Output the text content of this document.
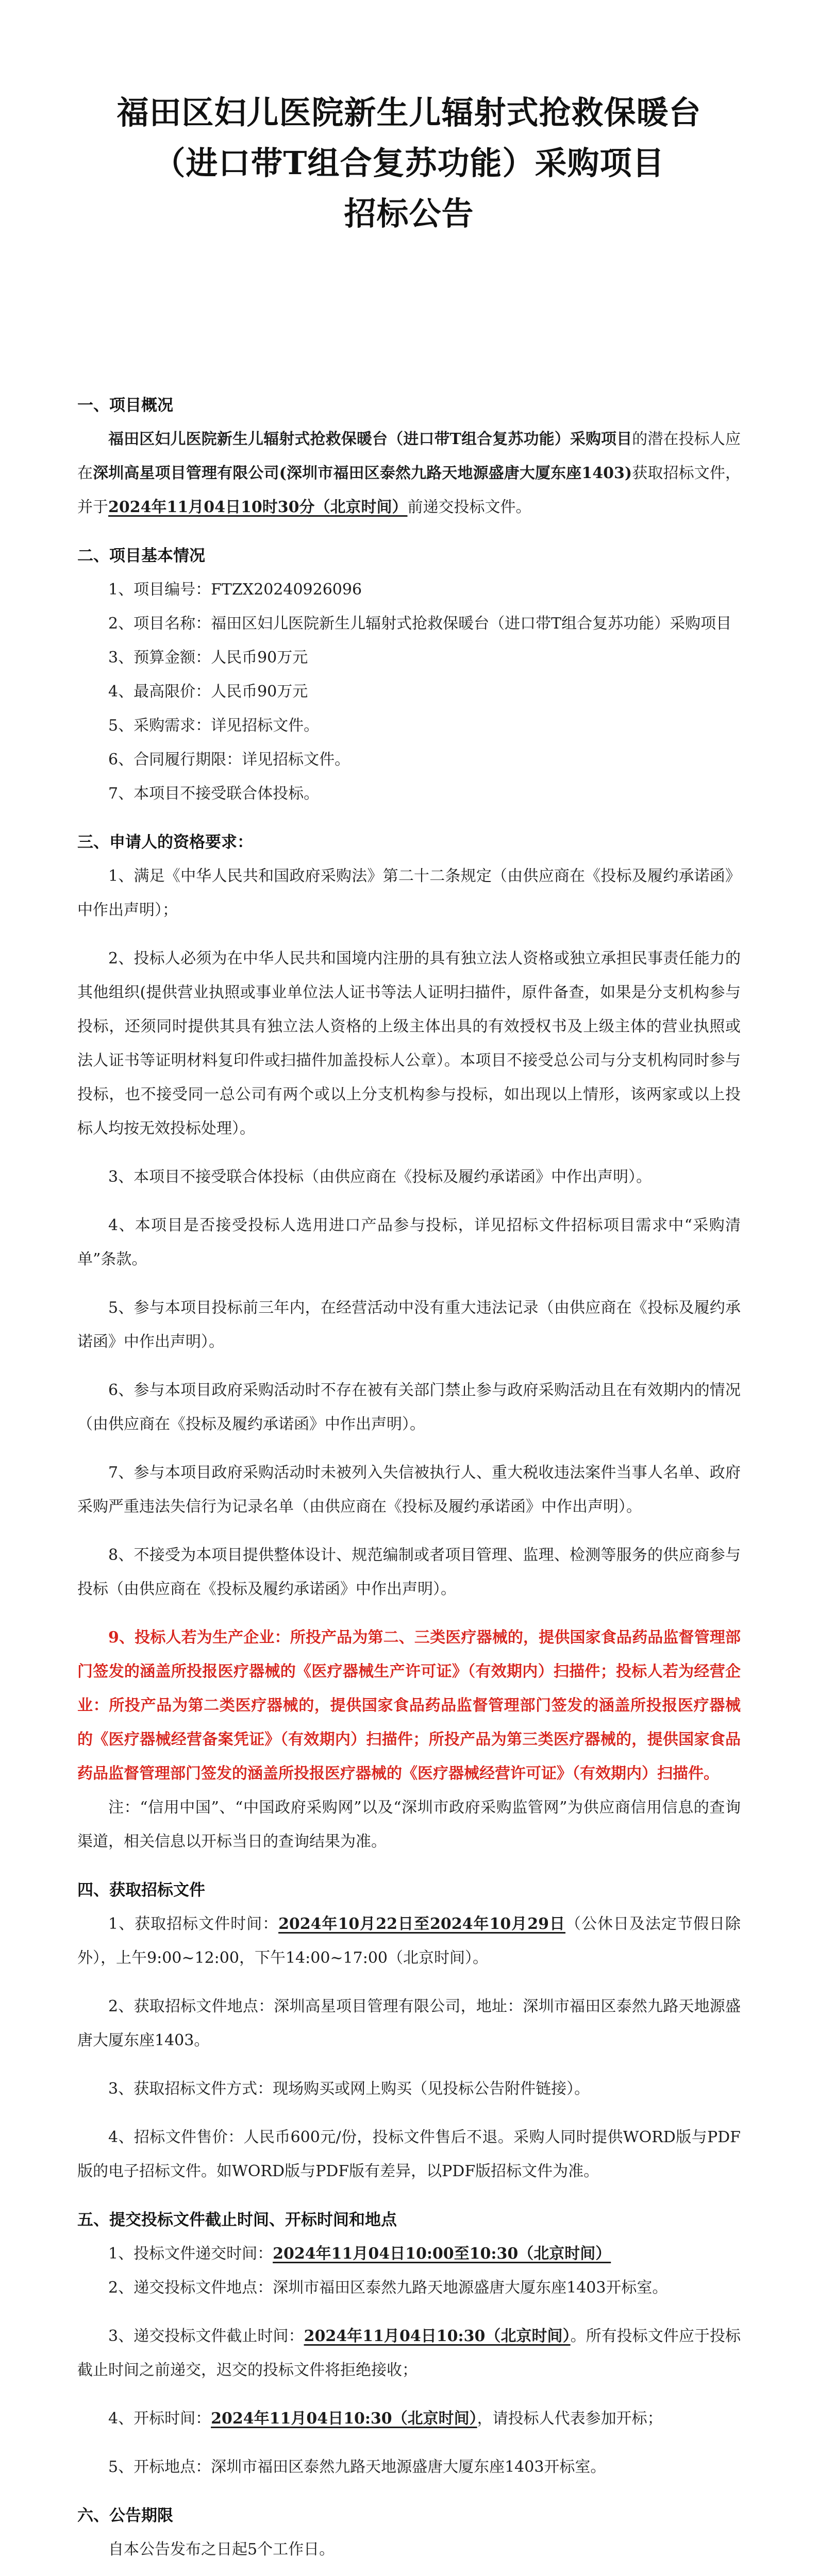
福田区妇儿医院新生儿辐射式抢救保暖台
（进口带T组合复苏功能）采购项目
招标公告

一、项目概况

福田区妇儿医院新生儿辐射式抢救保暖台（进口带T组合复苏功能）采购项目的潜在投标人应在深圳高星项目管理有限公司(深圳市福田区泰然九路天地源盛唐大厦东座1403)获取招标文件，并于2024年11月04日10时30分（北京时间）前递交投标文件。

二、项目基本情况

1、项目编号：FTZX20240926096

2、项目名称：福田区妇儿医院新生儿辐射式抢救保暖台（进口带T组合复苏功能）采购项目

3、预算金额：人民币90万元

4、最高限价：人民币90万元

5、采购需求：详见招标文件。

6、合同履行期限：详见招标文件。

7、本项目不接受联合体投标。

三、申请人的资格要求：

1、满足《中华人民共和国政府采购法》第二十二条规定（由供应商在《投标及履约承诺函》中作出声明）；

2、投标人必须为在中华人民共和国境内注册的具有独立法人资格或独立承担民事责任能力的其他组织(提供营业执照或事业单位法人证书等法人证明扫描件，原件备查，如果是分支机构参与投标，还须同时提供其具有独立法人资格的上级主体出具的有效授权书及上级主体的营业执照或法人证书等证明材料复印件或扫描件加盖投标人公章）。本项目不接受总公司与分支机构同时参与投标，也不接受同一总公司有两个或以上分支机构参与投标，如出现以上情形，该两家或以上投标人均按无效投标处理）。

3、本项目不接受联合体投标（由供应商在《投标及履约承诺函》中作出声明）。

4、本项目是否接受投标人选用进口产品参与投标，详见招标文件招标项目需求中“采购清单”条款。

5、参与本项目投标前三年内，在经营活动中没有重大违法记录（由供应商在《投标及履约承诺函》中作出声明）。

6、参与本项目政府采购活动时不存在被有关部门禁止参与政府采购活动且在有效期内的情况（由供应商在《投标及履约承诺函》中作出声明）。

7、参与本项目政府采购活动时未被列入失信被执行人、重大税收违法案件当事人名单、政府采购严重违法失信行为记录名单（由供应商在《投标及履约承诺函》中作出声明）。

8、不接受为本项目提供整体设计、规范编制或者项目管理、监理、检测等服务的供应商参与投标（由供应商在《投标及履约承诺函》中作出声明）。

9、投标人若为生产企业：所投产品为第二、三类医疗器械的，提供国家食品药品监督管理部门签发的涵盖所投报医疗器械的《医疗器械生产许可证》（有效期内）扫描件；投标人若为经营企业：所投产品为第二类医疗器械的，提供国家食品药品监督管理部门签发的涵盖所投报医疗器械的《医疗器械经营备案凭证》（有效期内）扫描件；所投产品为第三类医疗器械的，提供国家食品药品监督管理部门签发的涵盖所投报医疗器械的《医疗器械经营许可证》（有效期内）扫描件。

注：“信用中国”、“中国政府采购网”以及“深圳市政府采购监管网”为供应商信用信息的查询渠道，相关信息以开标当日的查询结果为准。

四、获取招标文件

1、获取招标文件时间：2024年10月22日至2024年10月29日（公休日及法定节假日除外），上午9:00~12:00，下午14:00~17:00（北京时间）。

2、获取招标文件地点：深圳高星项目管理有限公司，地址：深圳市福田区泰然九路天地源盛唐大厦东座1403。

3、获取招标文件方式：现场购买或网上购买（见投标公告附件链接）。

4、招标文件售价：人民币600元/份，投标文件售后不退。采购人同时提供WORD版与PDF版的电子招标文件。如WORD版与PDF版有差异，以PDF版招标文件为准。

五、提交投标文件截止时间、开标时间和地点

1、投标文件递交时间：2024年11月04日10:00至10:30（北京时间）

2、递交投标文件地点：深圳市福田区泰然九路天地源盛唐大厦东座1403开标室。

3、递交投标文件截止时间：2024年11月04日10:30（北京时间）。所有投标文件应于投标截止时间之前递交，迟交的投标文件将拒绝接收；

4、开标时间：2024年11月04日10:30（北京时间），请投标人代表参加开标；

5、开标地点：深圳市福田区泰然九路天地源盛唐大厦东座1403开标室。

六、公告期限

自本公告发布之日起5个工作日。
